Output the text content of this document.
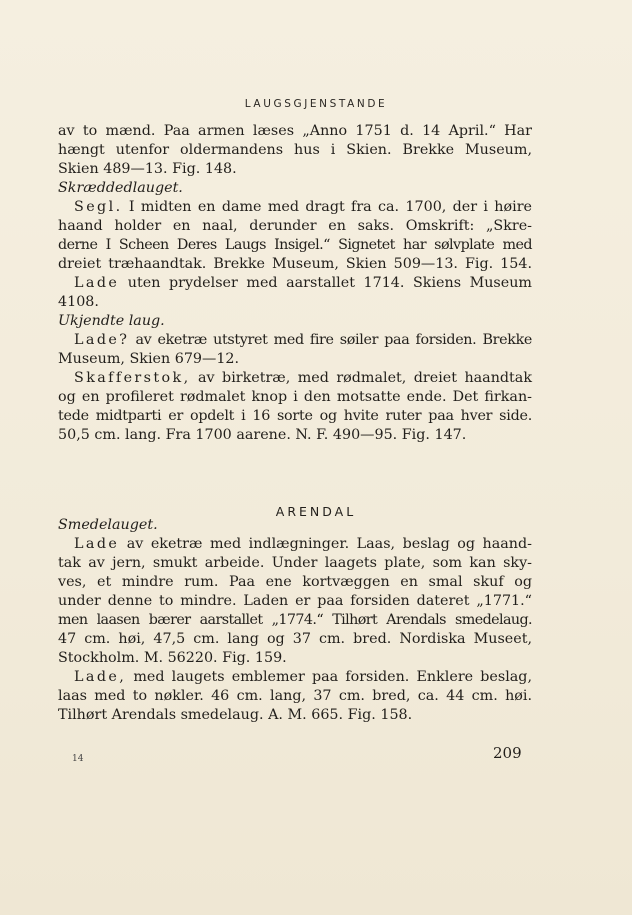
LAUGSGJENSTANDE
av to mænd. Paa armen læses „Anno 1751 d. 14 April.“ Har
hængt utenfor oldermandens hus i Skien. Brekke Museum,
Skien 489—13. Fig. 148.
Skræddedlauget.
Segl. I midten en dame med dragt fra ca. 1700, der i høire
haand holder en naal, derunder en saks. Omskrift: „Skre-
derne I Scheen Deres Laugs Insigel.“ Signetet har sølvplate med
dreiet træhaandtak. Brekke Museum, Skien 509—13. Fig. 154.
Lade uten prydelser med aarstallet 1714. Skiens Museum
4108.
Ukjendte laug.
Lade? av eketræ utstyret med fire søiler paa forsiden. Brekke
Museum, Skien 679—12.
Skafferstok, av birketræ, med rødmalet, dreiet haandtak
og en profileret rødmalet knop i den motsatte ende. Det firkan-
tede midtparti er opdelt i 16 sorte og hvite ruter paa hver side.
50,5 cm. lang. Fra 1700 aarene. N. F. 490—95. Fig. 147.
ARENDAL
Smedelauget.
Lade av eketræ med indlægninger. Laas, beslag og haand-
tak av jern, smukt arbeide. Under laagets plate, som kan sky-
ves, et mindre rum. Paa ene kortvæggen en smal skuf og
under denne to mindre. Laden er paa forsiden dateret „1771.“
men laasen bærer aarstallet „1774.“ Tilhørt Arendals smedelaug.
47 cm. høi, 47,5 cm. lang og 37 cm. bred. Nordiska Museet,
Stockholm. M. 56220. Fig. 159.
Lade, med laugets emblemer paa forsiden. Enklere beslag,
laas med to nøkler. 46 cm. lang, 37 cm. bred, ca. 44 cm. høi.
Tilhørt Arendals smedelaug. A. M. 665. Fig. 158.
14	209
